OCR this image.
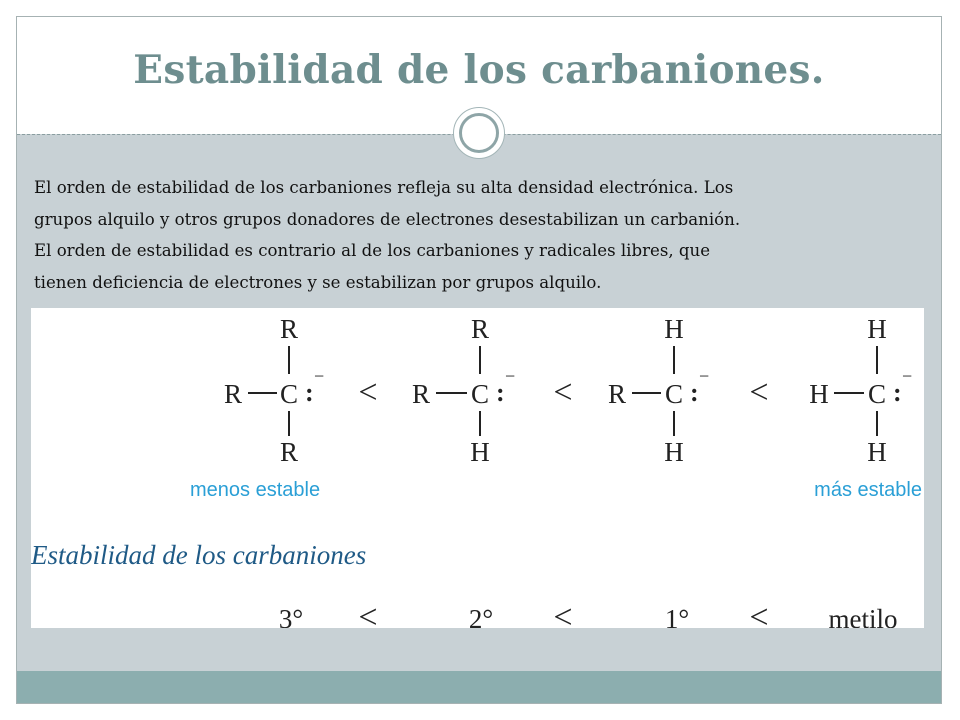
Estabilidad de los carbaniones.
El orden de estabilidad de los carbaniones refleja su alta densidad electrónica. Los
grupos alquilo y otros grupos donadores de electrones desestabilizan un carbanión.
El orden de estabilidad es contrario al de los carbaniones y radicales libres, que
tienen deficiencia de electrones y se estabilizan por grupos alquilo.
R
R C :
−
R
<
R
R C :
−
H
<
H
R C :
−
H
<
H
H C :
−
H
menos estable	más estable
Estabilidad de los carbaniones
3° <	2° <	1° < metilo
